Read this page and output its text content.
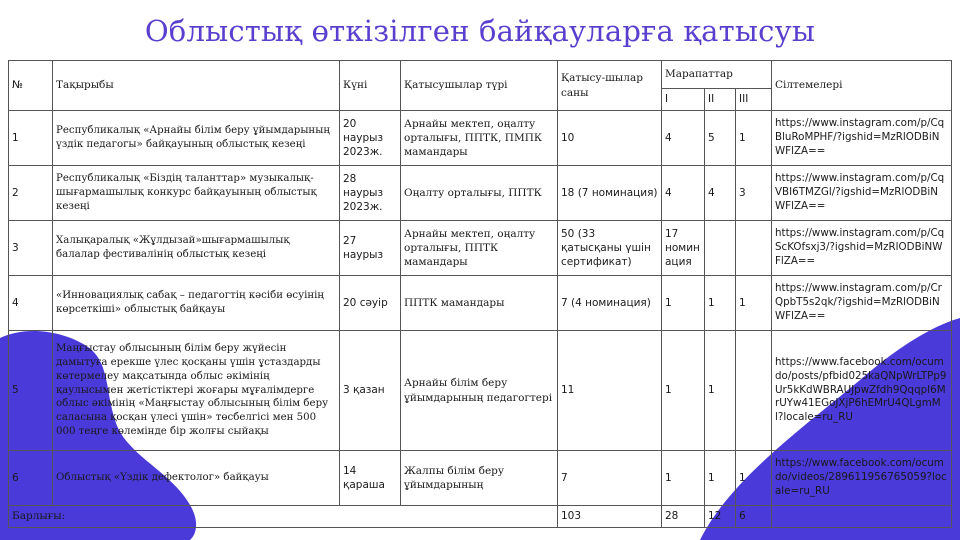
Облыстық өткізілген байқауларға қатысуы
№	Тақырыбы	Күні	Қатысушылар түрі	Қатысу-шылар саны	Марапаттар			Сілтемелері
					I	II	III	
1	Республикалық «Арнайы білім беру ұйымдарының үздік педагогы» байқауының облыстық кезеңі	20 наурыз 2023ж.	Арнайы мектеп, оңалту орталығы, ППТК, ПМПК мамандары	10	4	5	1	https://www.instagram.com/p/CqBluRoMPHF/?igshid=MzRlODBiNWFlZA==
2	Республикалық «Біздің таланттар» музыкалық-шығармашылық конкурс байқауының облыстық кезеңі	28 наурыз 2023ж.	Оңалту орталығы, ППТК	18 (7 номинация)	4	4	3	https://www.instagram.com/p/CqVBI6TMZGl/?igshid=MzRlODBiNWFlZA==
3	Халықаралық «Жұлдызай»шығармашылық балалар фестивалінің облыстық кезеңі	27 наурыз	Арнайы мектеп, оңалту орталығы, ППТК мамандары	50 (33 қатысқаны үшін сертификат)	17 номин ация			https://www.instagram.com/p/CqScKOfsxj3/?igshid=MzRlODBiNWFlZA==
4	«Инновациялық сабақ – педагогтің кәсіби өсуінің көрсеткіші» облыстық байқауы	20 сәуір	ППТК мамандары	7 (4 номинация)	1	1	1	https://www.instagram.com/p/CrQpbT5s2qk/?igshid=MzRlODBiNWFlZA==
5	Маңғыстау облысының білім беру жүйесін дамытуға ерекше үлес қосқаны үшін ұстаздарды көтермелеу мақсатында облыс әкімінің қаулысымен жетістіктері жоғары мұғалімдерге облыс әкімінің «Маңғыстау облысының білім беру саласына қосқан үлесі үшін» төсбелгісі мен 500 000 теңге көлемінде бір жолғы сыйақы	3 қазан	Арнайы білім беру ұйымдарының педагогтері	11	1	1		https://www.facebook.com/ocumdo/posts/pfbid025kaQNpWrLTPp9Ur5kKdWBRAUJpwZfdh9QqqpI6MrUYw41EGoJXjP6hEMrU4QLgmMl?locale=ru_RU
6	Облыстық «Үздік дефектолог» байқауы	14 қараша	Жалпы білім беру ұйымдарының	7	1	1	1	https://www.facebook.com/ocumdo/videos/289611956765059?locale=ru_RU
Барлығы:				103	28	12	6	
